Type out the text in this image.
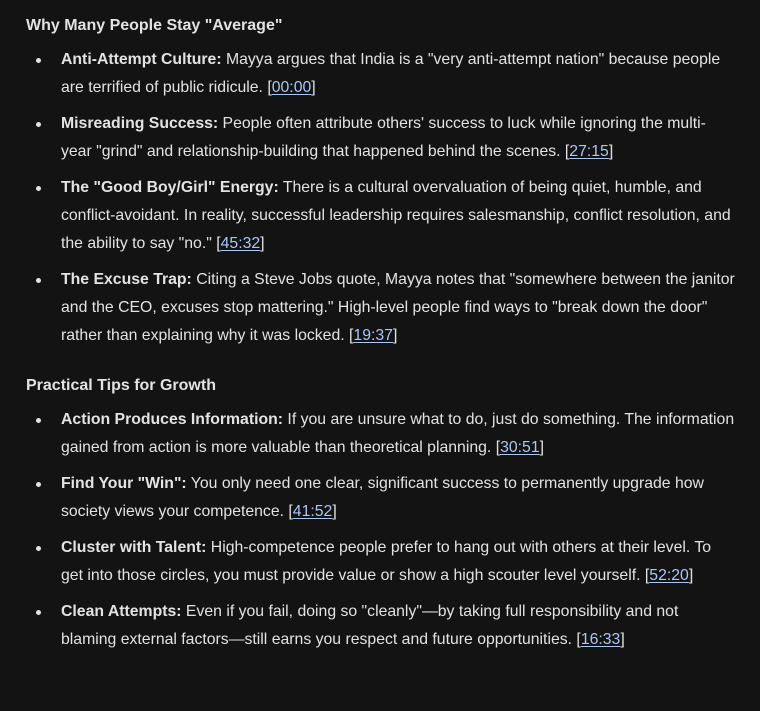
Why Many People Stay "Average"
Anti-Attempt Culture: Mayya argues that India is a "very anti-attempt nation" because people are terrified of public ridicule. [00:00]
Misreading Success: People often attribute others' success to luck while ignoring the multi-year "grind" and relationship-building that happened behind the scenes. [27:15]
The "Good Boy/Girl" Energy: There is a cultural overvaluation of being quiet, humble, and conflict-avoidant. In reality, successful leadership requires salesmanship, conflict resolution, and the ability to say "no." [45:32]
The Excuse Trap: Citing a Steve Jobs quote, Mayya notes that "somewhere between the janitor and the CEO, excuses stop mattering." High-level people find ways to "break down the door" rather than explaining why it was locked. [19:37]
Practical Tips for Growth
Action Produces Information: If you are unsure what to do, just do something. The information gained from action is more valuable than theoretical planning. [30:51]
Find Your "Win": You only need one clear, significant success to permanently upgrade how society views your competence. [41:52]
Cluster with Talent: High-competence people prefer to hang out with others at their level. To get into those circles, you must provide value or show a high scouter level yourself. [52:20]
Clean Attempts: Even if you fail, doing so "cleanly"—by taking full responsibility and not blaming external factors—still earns you respect and future opportunities. [16:33]
